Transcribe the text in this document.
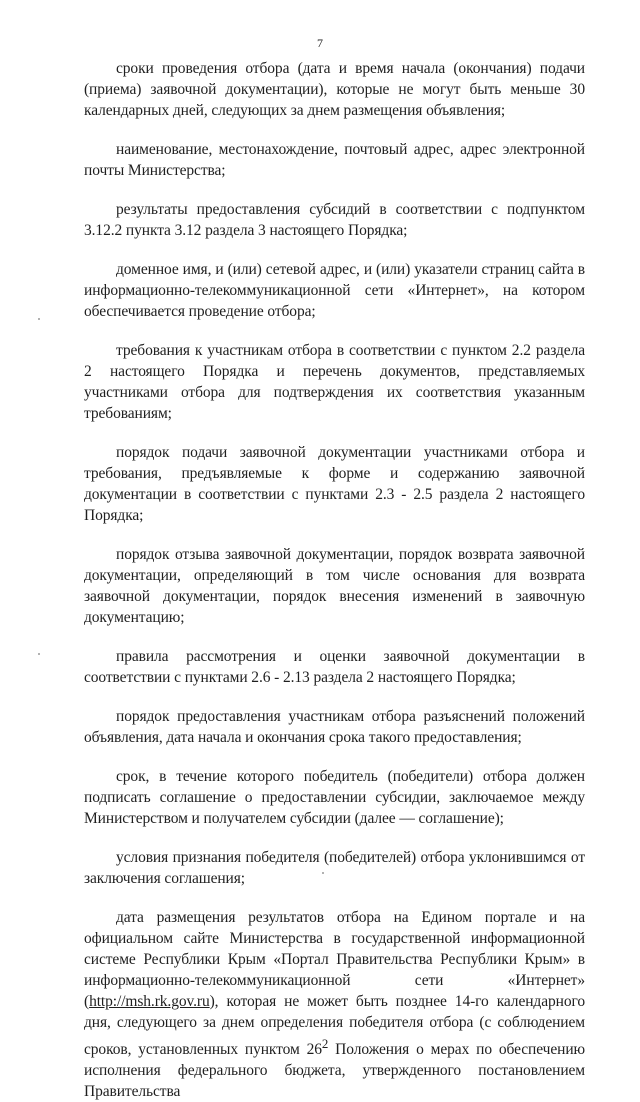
7

сроки проведения отбора (дата и время начала (окончания) подачи (приема) заявочной документации), которые не могут быть меньше 30 календарных дней, следующих за днем размещения объявления;

наименование, местонахождение, почтовый адрес, адрес электронной почты Министерства;

результаты предоставления субсидий в соответствии с подпунктом 3.12.2 пункта 3.12 раздела 3 настоящего Порядка;

доменное имя, и (или) сетевой адрес, и (или) указатели страниц сайта в информационно-телекоммуникационной сети «Интернет», на котором обеспечивается проведение отбора;

требования к участникам отбора в соответствии с пунктом 2.2 раздела 2 настоящего Порядка и перечень документов, представляемых участниками отбора для подтверждения их соответствия указанным требованиям;

порядок подачи заявочной документации участниками отбора и требования, предъявляемые к форме и содержанию заявочной документации в соответствии с пунктами 2.3 - 2.5 раздела 2 настоящего Порядка;

порядок отзыва заявочной документации, порядок возврата заявочной документации, определяющий в том числе основания для возврата заявочной документации, порядок внесения изменений в заявочную документацию;

правила рассмотрения и оценки заявочной документации в соответствии с пунктами 2.6 - 2.13 раздела 2 настоящего Порядка;

порядок предоставления участникам отбора разъяснений положений объявления, дата начала и окончания срока такого предоставления;

срок, в течение которого победитель (победители) отбора должен подписать соглашение о предоставлении субсидии, заключаемое между Министерством и получателем субсидии (далее — соглашение);

условия признания победителя (победителей) отбора уклонившимся от заключения соглашения;

дата размещения результатов отбора на Едином портале и на официальном сайте Министерства в государственной информационной системе Республики Крым «Портал Правительства Республики Крым» в информационно-телекоммуникационной сети «Интернет» (http://msh.rk.gov.ru), которая не может быть позднее 14-го календарного дня, следующего за днем определения победителя отбора (с соблюдением сроков, установленных пунктом $26^2$ Положения о мерах по обеспечению исполнения федерального бюджета, утвержденного постановлением Правительства
